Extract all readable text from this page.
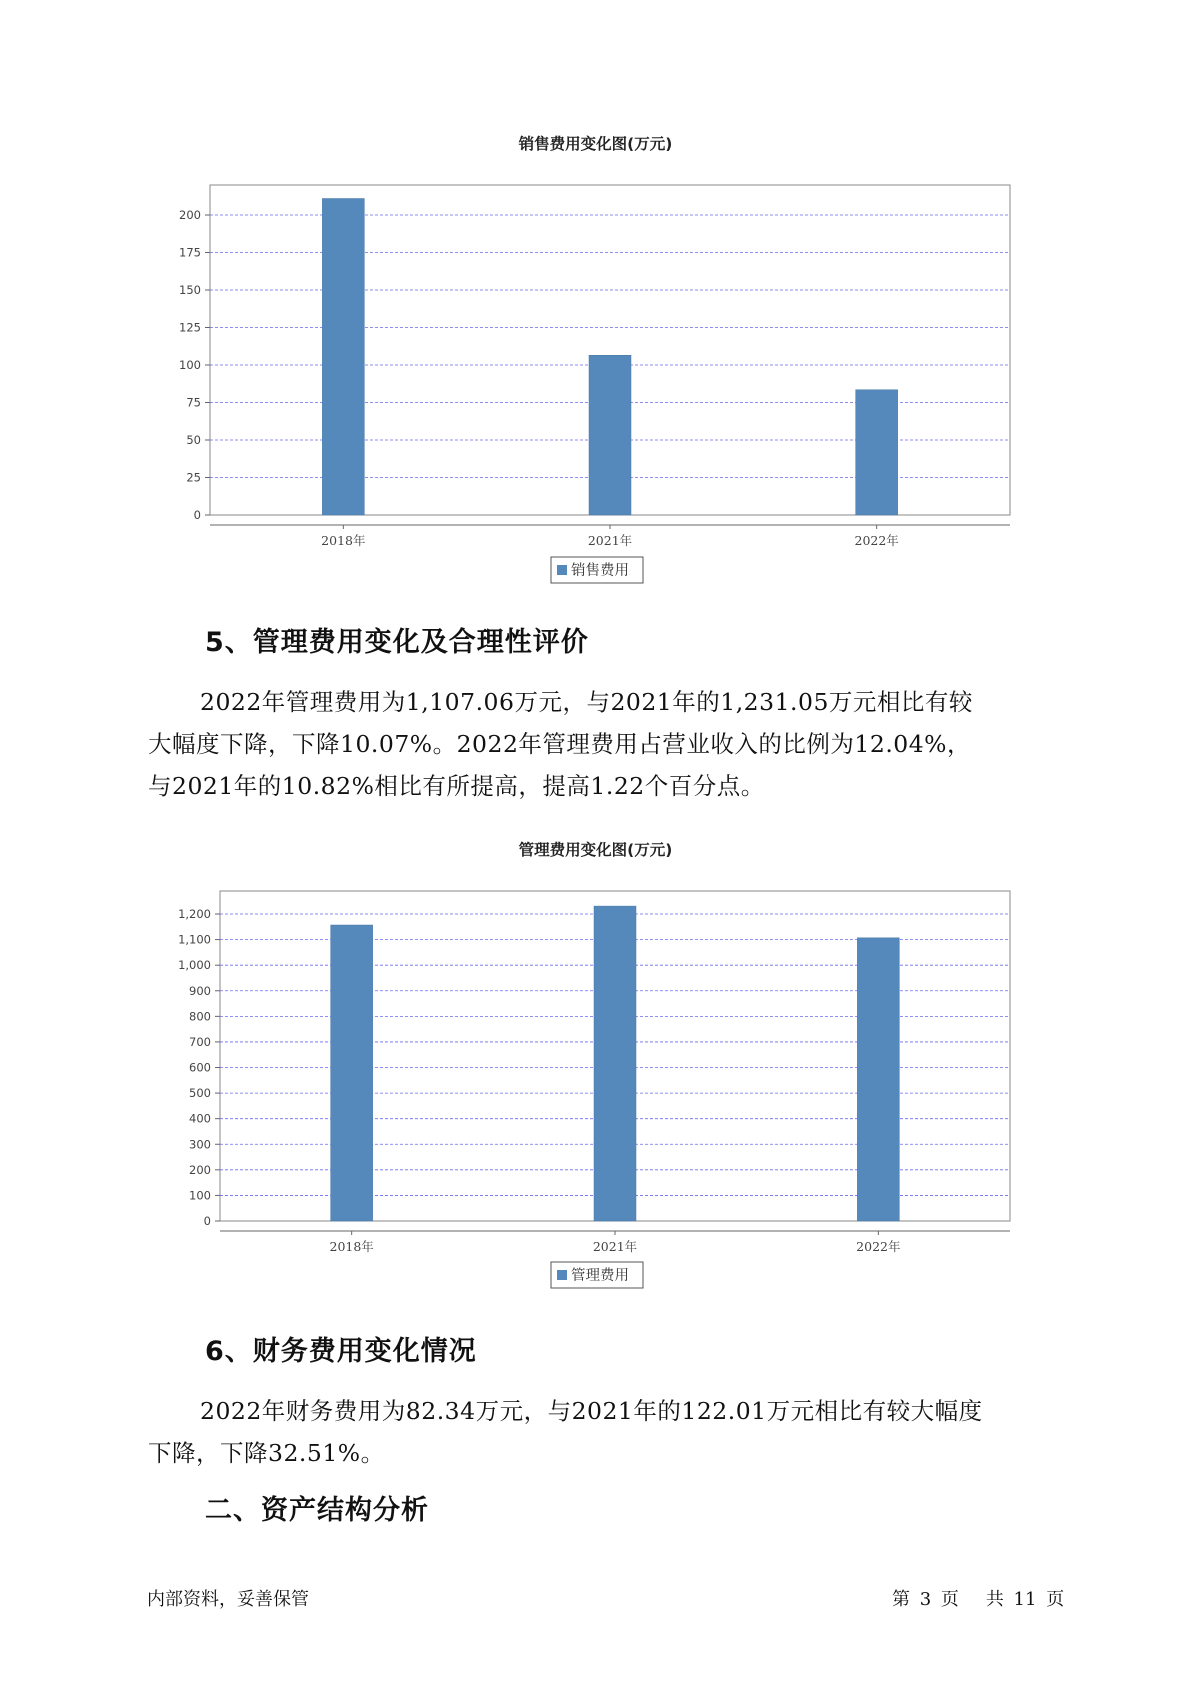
销售费用变化图(万元)
0
25
50
75
100
125
150
175
200
2018年	2021年	2022年
销售费用
5、管理费用变化及合理性评价
2022年管理费用为1,107.06万元，与2021年的1,231.05万元相比有较
大幅度下降，下降10.07%。2022年管理费用占营业收入的比例为12.04%，
与2021年的10.82%相比有所提高，提高1.22个百分点。
管理费用变化图(万元)
0
100
200
300
400
500
600
700
800
900
1,000
1,100
1,200
2018年	2021年	2022年
管理费用
6、财务费用变化情况
2022年财务费用为82.34万元，与2021年的122.01万元相比有较大幅度
下降，下降32.51%。
二、资产结构分析
内部资料，妥善保管	第 3 页 共 11 页
